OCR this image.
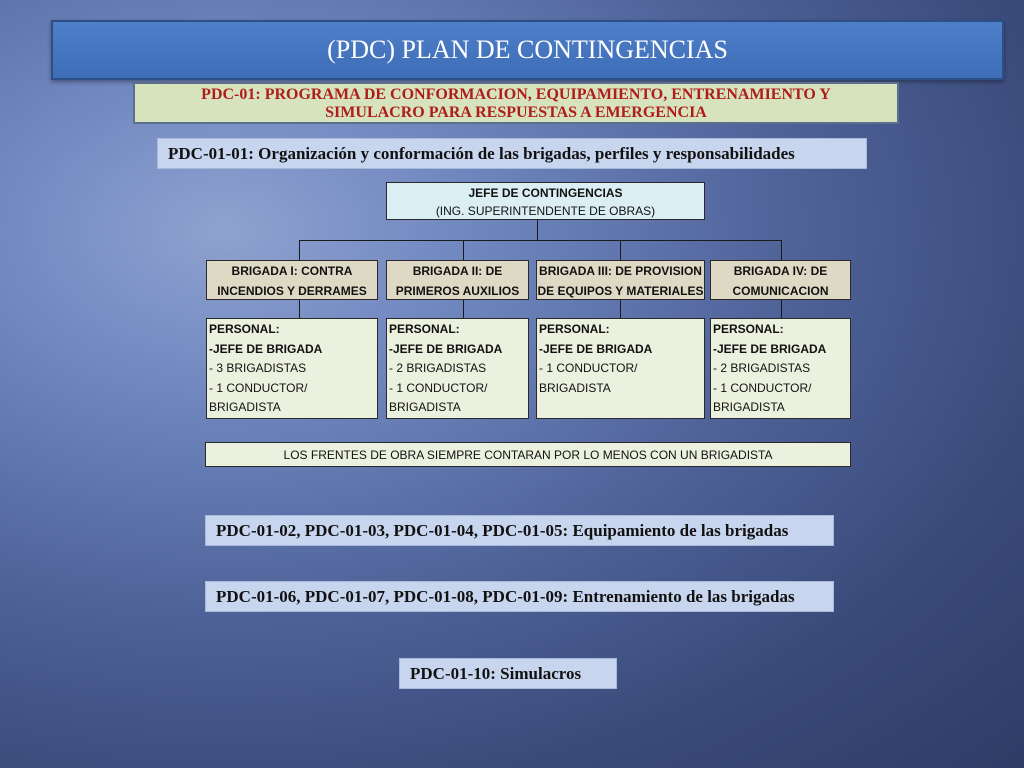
(PDC) PLAN DE CONTINGENCIAS
PDC-01: PROGRAMA DE CONFORMACION, EQUIPAMIENTO, ENTRENAMIENTO Y
SIMULACRO PARA RESPUESTAS A EMERGENCIA
PDC-01-01: Organización y conformación de las brigadas, perfiles y responsabilidades
JEFE DE CONTINGENCIAS
(ING. SUPERINTENDENTE DE OBRAS)
BRIGADA I: CONTRA
INCENDIOS Y DERRAMES
BRIGADA II: DE
PRIMEROS AUXILIOS
BRIGADA III: DE PROVISION
DE EQUIPOS Y MATERIALES
BRIGADA IV: DE
COMUNICACION
PERSONAL:
-JEFE DE BRIGADA
- 3 BRIGADISTAS
- 1 CONDUCTOR/
BRIGADISTA
PERSONAL:
-JEFE DE BRIGADA
- 2 BRIGADISTAS
- 1 CONDUCTOR/
BRIGADISTA
PERSONAL:
-JEFE DE BRIGADA
- 1 CONDUCTOR/
BRIGADISTA
PERSONAL:
-JEFE DE BRIGADA
- 2 BRIGADISTAS
- 1 CONDUCTOR/
BRIGADISTA
LOS FRENTES DE OBRA SIEMPRE CONTARAN POR LO MENOS CON UN BRIGADISTA
PDC-01-02, PDC-01-03, PDC-01-04, PDC-01-05: Equipamiento de las brigadas
PDC-01-06, PDC-01-07, PDC-01-08, PDC-01-09: Entrenamiento de las brigadas
PDC-01-10: Simulacros
